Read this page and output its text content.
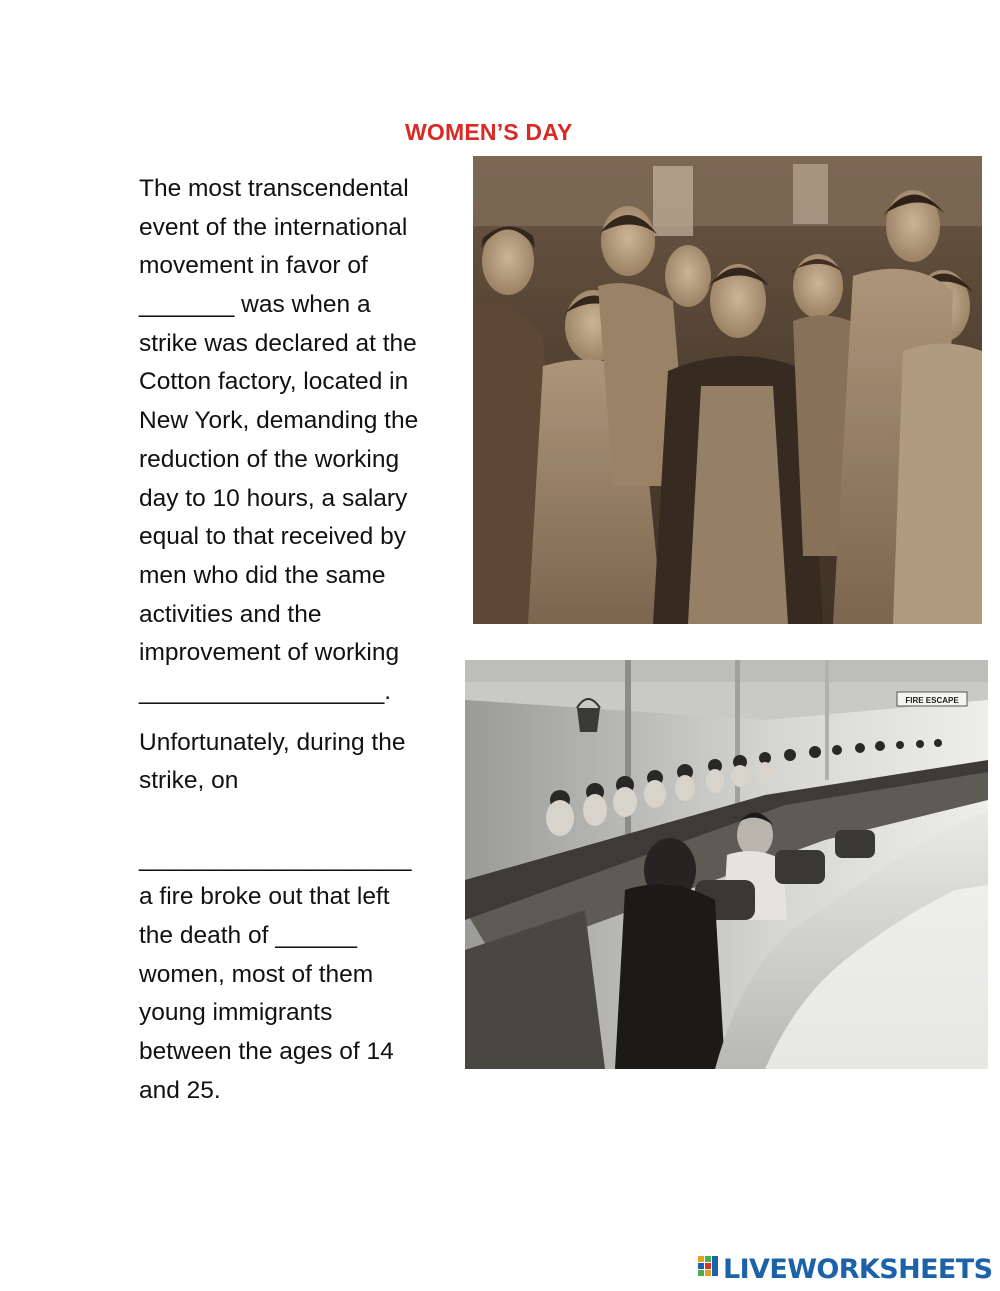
WOMEN’S DAY
The most transcendental
event of the international
movement in favor of
_______ was when a
strike was declared at the
Cotton factory, located in
New York, demanding the
reduction of the working
day to 10 hours, a salary
equal to that received by
men who did the same
activities and the
improvement of working
__________________.
Unfortunately, during the
strike, on
____________________
a fire broke out that left
the death of ______
women, most of them
young immigrants
between the ages of 14
and 25.
FIRE ESCAPE
LIVEWORKSHEETS
